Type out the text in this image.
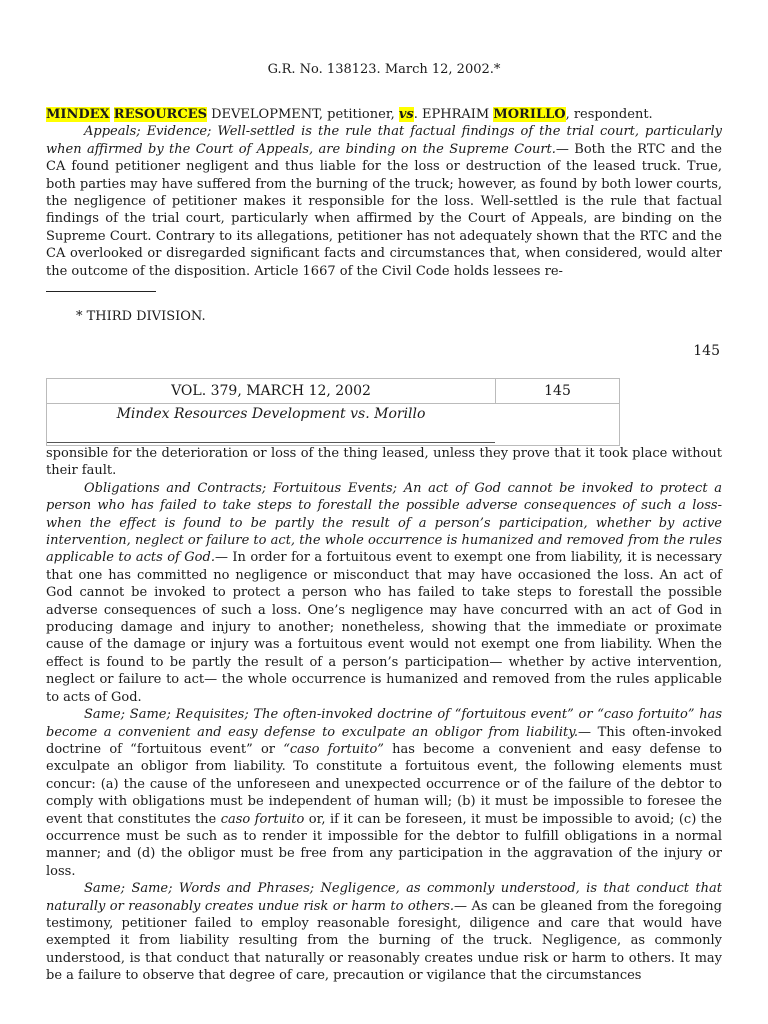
G.R. No. 138123. March 12, 2002.*

MINDEX RESOURCES DEVELOPMENT, petitioner, vs. EPHRAIM MORILLO, respondent.

Appeals; Evidence; Well-settled is the rule that factual findings of the trial court, particularly when affirmed by the Court of Appeals, are binding on the Supreme Court.— Both the RTC and the CA found petitioner negligent and thus liable for the loss or destruction of the leased truck. True, both parties may have suffered from the burning of the truck; however, as found by both lower courts, the negligence of petitioner makes it responsible for the loss. Well-settled is the rule that factual findings of the trial court, particularly when affirmed by the Court of Appeals, are binding on the Supreme Court. Contrary to its allegations, petitioner has not adequately shown that the RTC and the CA overlooked or disregarded significant facts and circumstances that, when considered, would alter the outcome of the disposition. Article 1667 of the Civil Code holds lessees re-

* THIRD DIVISION.
145
VOL. 379, MARCH 12, 2002	145
Mindex Resources Development vs. Morillo

sponsible for the deterioration or loss of the thing leased, unless they prove that it took place without their fault.

Obligations and Contracts; Fortuitous Events; An act of God cannot be invoked to protect a person who has failed to take steps to forestall the possible adverse consequences of such a loss-when the effect is found to be partly the result of a person’s participation, whether by active intervention, neglect or failure to act, the whole occurrence is humanized and removed from the rules applicable to acts of God.— In order for a fortuitous event to exempt one from liability, it is necessary that one has committed no negligence or misconduct that may have occasioned the loss. An act of God cannot be invoked to protect a person who has failed to take steps to forestall the possible adverse consequences of such a loss. One’s negligence may have concurred with an act of God in producing damage and injury to another; nonetheless, showing that the immediate or proximate cause of the damage or injury was a fortuitous event would not exempt one from liability. When the effect is found to be partly the result of a person’s participation— whether by active intervention, neglect or failure to act— the whole occurrence is humanized and removed from the rules applicable to acts of God.

Same; Same; Requisites; The often-invoked doctrine of “fortuitous event” or “caso fortuito” has become a convenient and easy defense to exculpate an obligor from liability.— This often-invoked doctrine of “fortuitous event” or “caso fortuito” has become a convenient and easy defense to exculpate an obligor from liability. To constitute a fortuitous event, the following elements must concur: (a) the cause of the unforeseen and unexpected occurrence or of the failure of the debtor to comply with obligations must be independent of human will; (b) it must be impossible to foresee the event that constitutes the caso fortuito or, if it can be foreseen, it must be impossible to avoid; (c) the occurrence must be such as to render it impossible for the debtor to fulfill obligations in a normal manner; and (d) the obligor must be free from any participation in the aggravation of the injury or loss.

Same; Same; Words and Phrases; Negligence, as commonly understood, is that conduct that naturally or reasonably creates undue risk or harm to others.— As can be gleaned from the foregoing testimony, petitioner failed to employ reasonable foresight, diligence and care that would have exempted it from liability resulting from the burning of the truck. Negligence, as commonly understood, is that conduct that naturally or reasonably creates undue risk or harm to others. It may be a failure to observe that degree of care, precaution or vigilance that the circumstances
